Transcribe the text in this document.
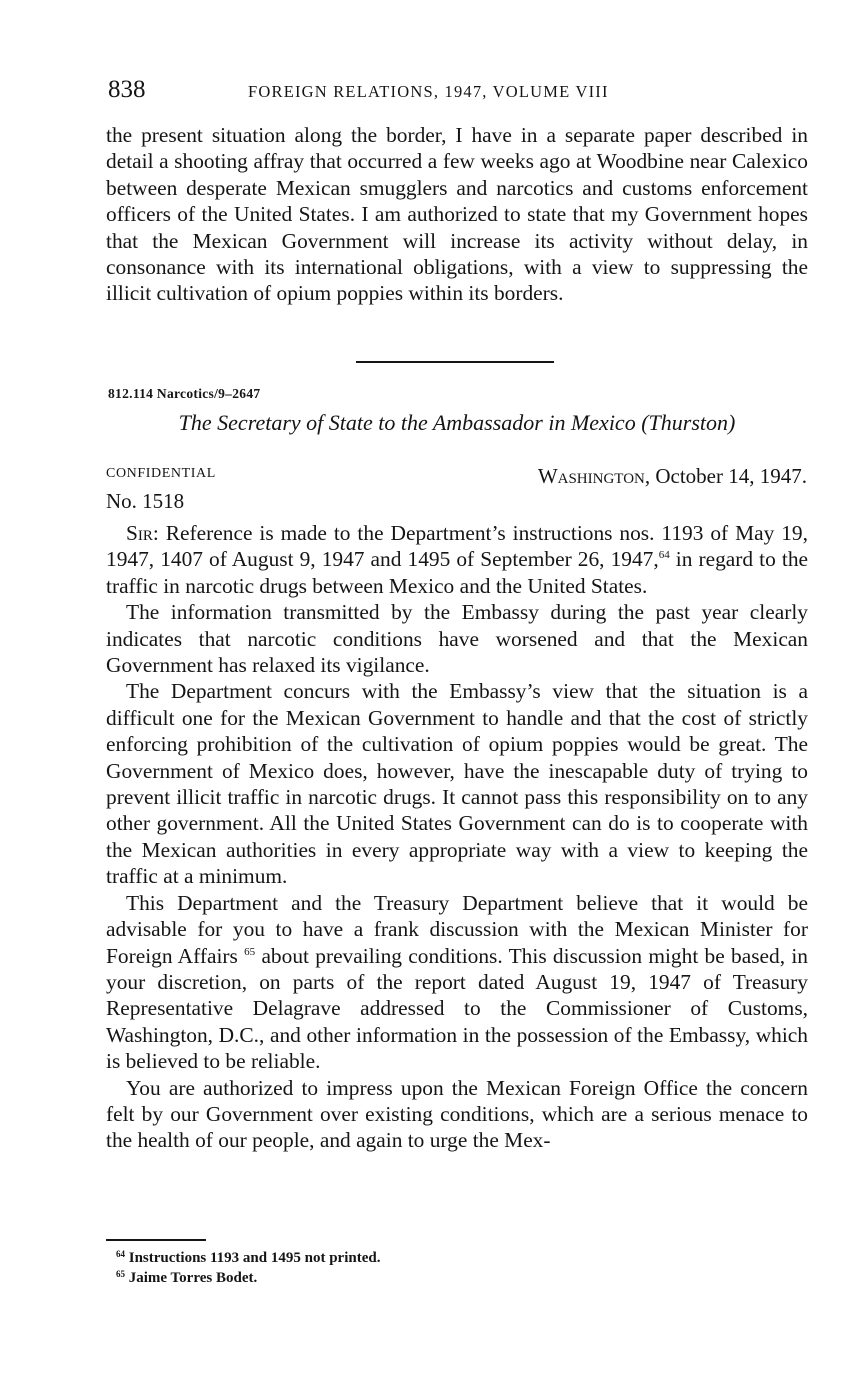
838	FOREIGN RELATIONS, 1947, VOLUME VIII

the present situation along the border, I have in a separate paper described in detail a shooting affray that occurred a few weeks ago at Woodbine near Calexico between desperate Mexican smugglers and narcotics and customs enforcement officers of the United States. I am authorized to state that my Government hopes that the Mexican Government will increase its activity without delay, in consonance with its international obligations, with a view to suppressing the illicit cultivation of opium poppies within its borders.

812.114 Narcotics/9–2647
The Secretary of State to the Ambassador in Mexico (Thurston)
CONFIDENTIAL	Washington, October 14, 1947.
No. 1518

Sir: Reference is made to the Department’s instructions nos. 1193 of May 19, 1947, 1407 of August 9, 1947 and 1495 of September 26, 1947,64 in regard to the traffic in narcotic drugs between Mexico and the United States.

The information transmitted by the Embassy during the past year clearly indicates that narcotic conditions have worsened and that the Mexican Government has relaxed its vigilance.

The Department concurs with the Embassy’s view that the situation is a difficult one for the Mexican Government to handle and that the cost of strictly enforcing prohibition of the cultivation of opium poppies would be great. The Government of Mexico does, however, have the inescapable duty of trying to prevent illicit traffic in narcotic drugs. It cannot pass this responsibility on to any other government. All the United States Government can do is to cooperate with the Mexican authorities in every appropriate way with a view to keeping the traffic at a minimum.

This Department and the Treasury Department believe that it would be advisable for you to have a frank discussion with the Mexican Minister for Foreign Affairs $^{65}$ about prevailing conditions. This discussion might be based, in your discretion, on parts of the report dated August 19, 1947 of Treasury Representative Delagrave addressed to the Commissioner of Customs, Washington, D.C., and other information in the possession of the Embassy, which is believed to be reliable.

You are authorized to impress upon the Mexican Foreign Office the concern felt by our Government over existing conditions, which are a serious menace to the health of our people, and again to urge the Mex-

$^{64}$ Instructions 1193 and 1495 not printed.
$^{65}$ Jaime Torres Bodet.
